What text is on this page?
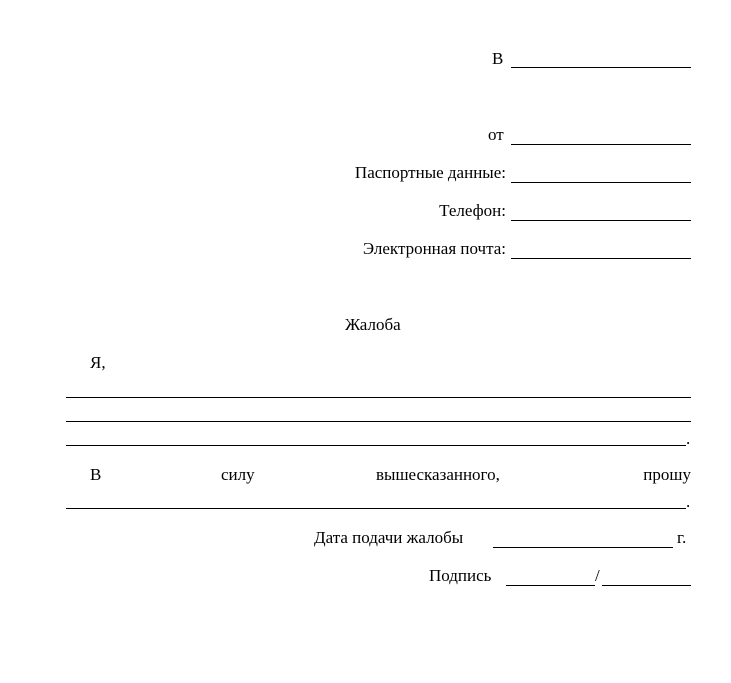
В
от
Паспортные данные:
Телефон:
Электронная почта:
Жалоба
Я,
.
В	силу	вышесказанного,	прошу
.
Дата подачи жалобы	г.
Подпись	/
